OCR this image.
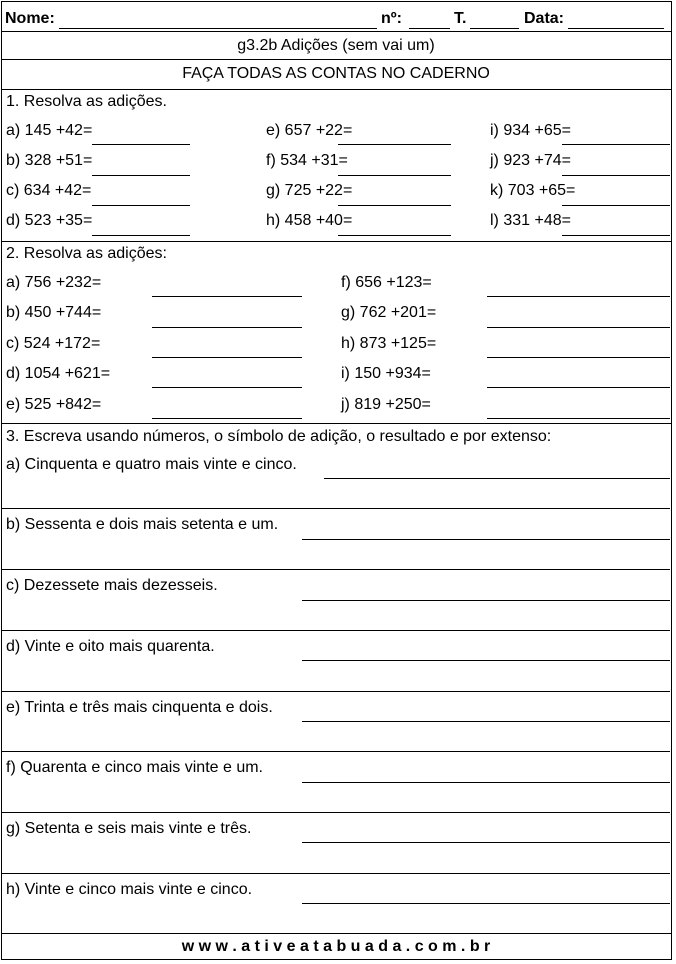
Nome:	nº:	T.	Data:
g3.2b Adições (sem vai um)
FAÇA TODAS AS CONTAS NO CADERNO
1. Resolva as adições.
a) 145 +42=
b) 328 +51=
c) 634 +42=
d) 523 +35=
e) 657 +22=
f) 534 +31=
g) 725 +22=
h) 458 +40=
i) 934 +65=
j) 923 +74=
k) 703 +65=
l) 331 +48=
2. Resolva as adições:
a) 756 +232=
b) 450 +744=
c) 524 +172=
d) 1054 +621=
e) 525 +842=
f) 656 +123=
g) 762 +201=
h) 873 +125=
i) 150 +934=
j) 819 +250=
3. Escreva usando números, o símbolo de adição, o resultado e por extenso:
a) Cinquenta e quatro mais vinte e cinco.
b) Sessenta e dois mais setenta e um.
c) Dezessete mais dezesseis.
d) Vinte e oito mais quarenta.
e) Trinta e três mais cinquenta e dois.
f) Quarenta e cinco mais vinte e um.
g) Setenta e seis mais vinte e três.
h) Vinte e cinco mais vinte e cinco.
w w w . a t i v e a t a b u a d a . c o m . b r
